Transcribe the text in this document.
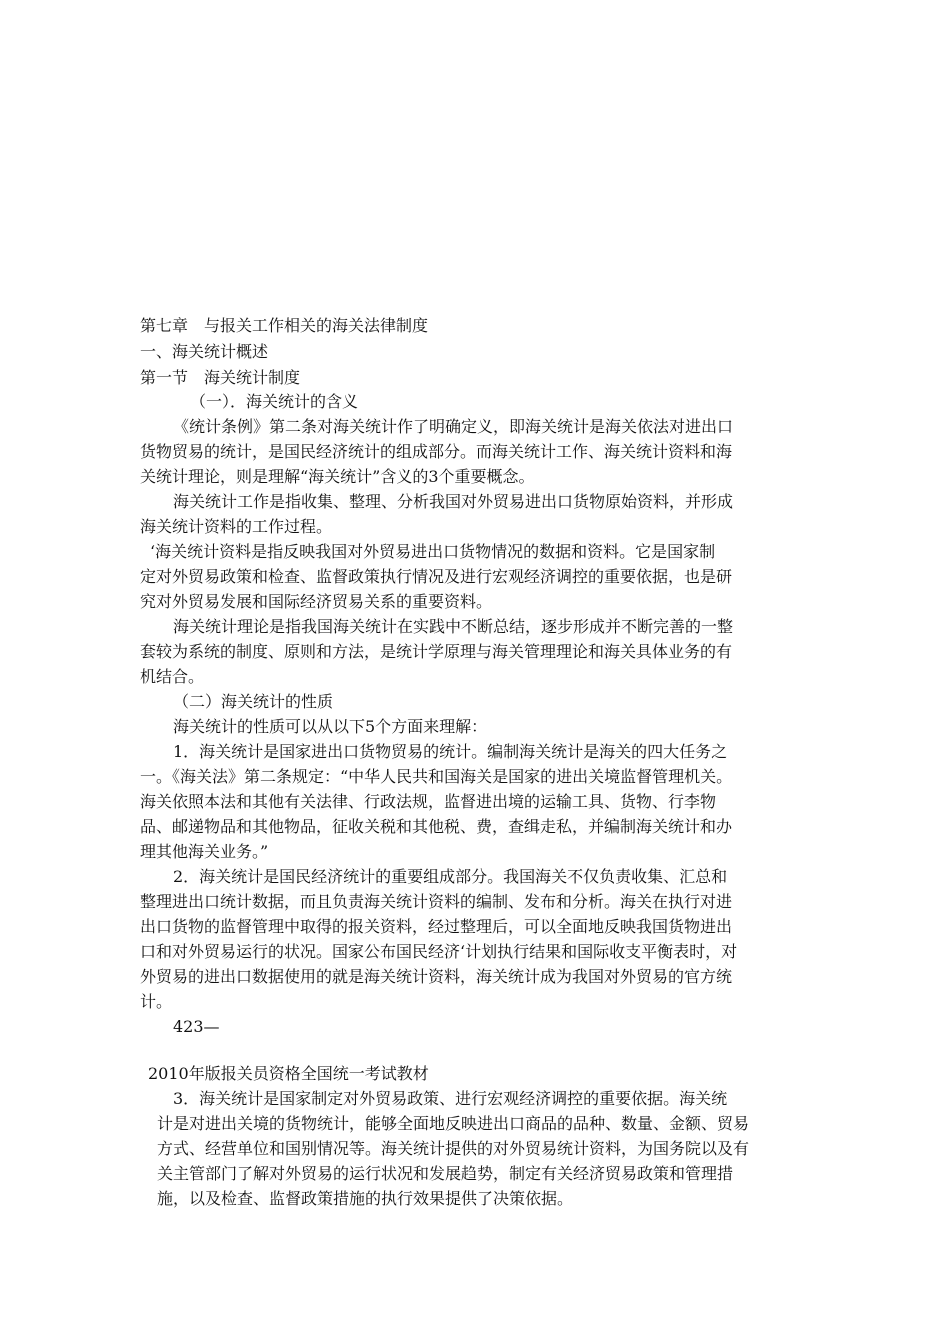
第七章　与报关工作相关的海关法律制度
一、海关统计概述
第一节　海关统计制度
（一）．海关统计的含义
《统计条例》第二条对海关统计作了明确定义，即海关统计是海关依法对进出口
货物贸易的统计，是国民经济统计的组成部分。而海关统计工作、海关统计资料和海
关统计理论，则是理解“海关统计”含义的3个重要概念。
海关统计工作是指收集、整理、分析我国对外贸易进出口货物原始资料，并形成
海关统计资料的工作过程。
‘海关统计资料是指反映我国对外贸易进出口货物情况的数据和资料。它是国家制
定对外贸易政策和检查、监督政策执行情况及进行宏观经济调控的重要依据，也是研
究对外贸易发展和国际经济贸易关系的重要资料。
海关统计理论是指我国海关统计在实践中不断总结，逐步形成并不断完善的一整
套较为系统的制度、原则和方法，是统计学原理与海关管理理论和海关具体业务的有
机结合。
（二）海关统计的性质
海关统计的性质可以从以下5个方面来理解：
1．海关统计是国家进出口货物贸易的统计。编制海关统计是海关的四大任务之
一。《海关法》第二条规定：“中华人民共和国海关是国家的进出关境监督管理机关。
海关依照本法和其他有关法律、行政法规，监督进出境的运输工具、货物、行李物
品、邮递物品和其他物品，征收关税和其他税、费，查缉走私，并编制海关统计和办
理其他海关业务。”
2．海关统计是国民经济统计的重要组成部分。我国海关不仅负责收集、汇总和
整理进出口统计数据，而且负责海关统计资料的编制、发布和分析。海关在执行对进
出口货物的监督管理中取得的报关资料，经过整理后，可以全面地反映我国货物进出
口和对外贸易运行的状况。国家公布国民经济‘计划执行结果和国际收支平衡表时，对
外贸易的进出口数据使用的就是海关统计资料，海关统计成为我国对外贸易的官方统
计。
423—
2010年版报关员资格全国统一考试教材
3．海关统计是国家制定对外贸易政策、进行宏观经济调控的重要依据。海关统
计是对进出关境的货物统计，能够全面地反映进出口商品的品种、数量、金额、贸易
方式、经营单位和国别情况等。海关统计提供的对外贸易统计资料，为国务院以及有
关主管部门了解对外贸易的运行状况和发展趋势，制定有关经济贸易政策和管理措
施，以及检查、监督政策措施的执行效果提供了决策依据。
